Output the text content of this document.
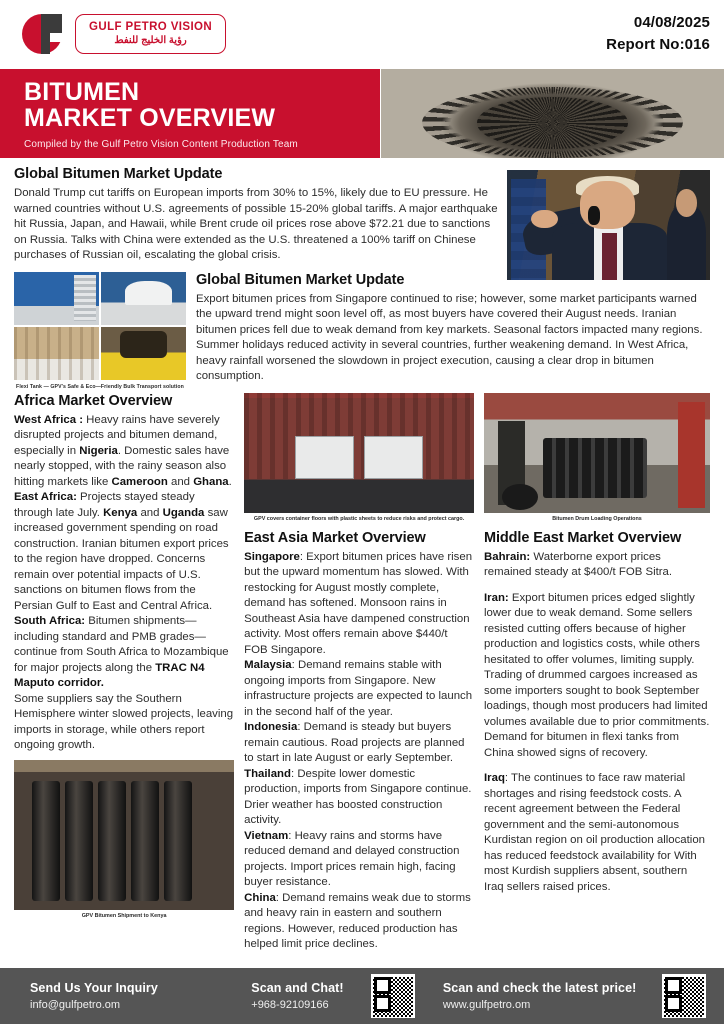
GULF PETRO VISION
رؤية الخليج للنفط
04/08/2025
Report No:016
BITUMEN
MARKET OVERVIEW
Compiled by the Gulf Petro Vision Content Production Team
Global Bitumen Market Update

Donald Trump cut tariffs on European imports from 30% to 15%, likely due to EU pressure. He warned countries without U.S. agreements of possible 15-20% global tariffs. A major earthquake hit Russia, Japan, and Hawaii, while Brent crude oil prices rose above $72.21 due to sanctions on Russia. Talks with China were extended as the U.S. threatened a 100% tariff on Chinese purchases of Russian oil, escalating the global crisis.

Flexi Tank — GPV's Safe & Eco—Friendly Bulk Transport solution
Global Bitumen Market Update

Export bitumen prices from Singapore continued to rise; however, some market participants warned the upward trend might soon level off, as most buyers have covered their August needs. Iranian bitumen prices fell due to weak demand from key markets. Seasonal factors impacted many regions. Summer holidays reduced activity in several countries, further weakening demand. In West Africa, heavy rainfall worsened the slowdown in project execution, causing a clear drop in bitumen consumption.

Africa Market Overview

West Africa : Heavy rains have severely disrupted projects and bitumen demand, especially in Nigeria. Domestic sales have nearly stopped, with the rainy season also hitting markets like Cameroon and Ghana.

East Africa: Projects stayed steady through late July. Kenya and Uganda saw increased government spending on road construction. Iranian bitumen export prices to the region have dropped. Concerns remain over potential impacts of U.S. sanctions on bitumen flows from the Persian Gulf to East and Central Africa.

South Africa: Bitumen shipments—including standard and PMB grades—continue from South Africa to Mozambique for major projects along the TRAC N4 Maputo corridor.

Some suppliers say the Southern Hemisphere winter slowed projects, leaving imports in storage, while others report ongoing growth.

GPV Bitumen Shipment to Kenya
GPV covers container floors with plastic sheets to reduce risks and protect cargo.
East Asia Market Overview

Singapore: Export bitumen prices have risen but the upward momentum has slowed. With restocking for August mostly complete, demand has softened. Monsoon rains in Southeast Asia have dampened construction activity. Most offers remain above $440/t FOB Singapore.

Malaysia: Demand remains stable with ongoing imports from Singapore. New infrastructure projects are expected to launch in the second half of the year.

Indonesia: Demand is steady but buyers remain cautious. Road projects are planned to start in late August or early September.

Thailand: Despite lower domestic production, imports from Singapore continue. Drier weather has boosted construction activity.

Vietnam: Heavy rains and storms have reduced demand and delayed construction projects. Import prices remain high, facing buyer resistance.

China: Demand remains weak due to storms and heavy rain in eastern and southern regions. However, reduced production has helped limit price declines.

Bitumen Drum Loading Operations
Middle East Market Overview

Bahrain: Waterborne export prices remained steady at $400/t FOB Sitra.

Iran: Export bitumen prices edged slightly lower due to weak demand. Some sellers resisted cutting offers because of higher production and logistics costs, while others hesitated to offer volumes, limiting supply.

Trading of drummed cargoes increased as some importers sought to book September loadings, though most producers had limited volumes available due to prior commitments. Demand for bitumen in flexi tanks from China showed signs of recovery.

Iraq: The continues to face raw material shortages and rising feedstock costs. A recent agreement between the Federal government and the semi-autonomous Kurdistan region on oil production allocation has reduced feedstock availability for With most Kurdish suppliers absent, southern Iraq sellers raised prices.

Send Us Your Inquiry
info@gulfpetro.om
Scan and Chat!
+968-92109166
Scan and check the latest price!
www.gulfpetro.om
